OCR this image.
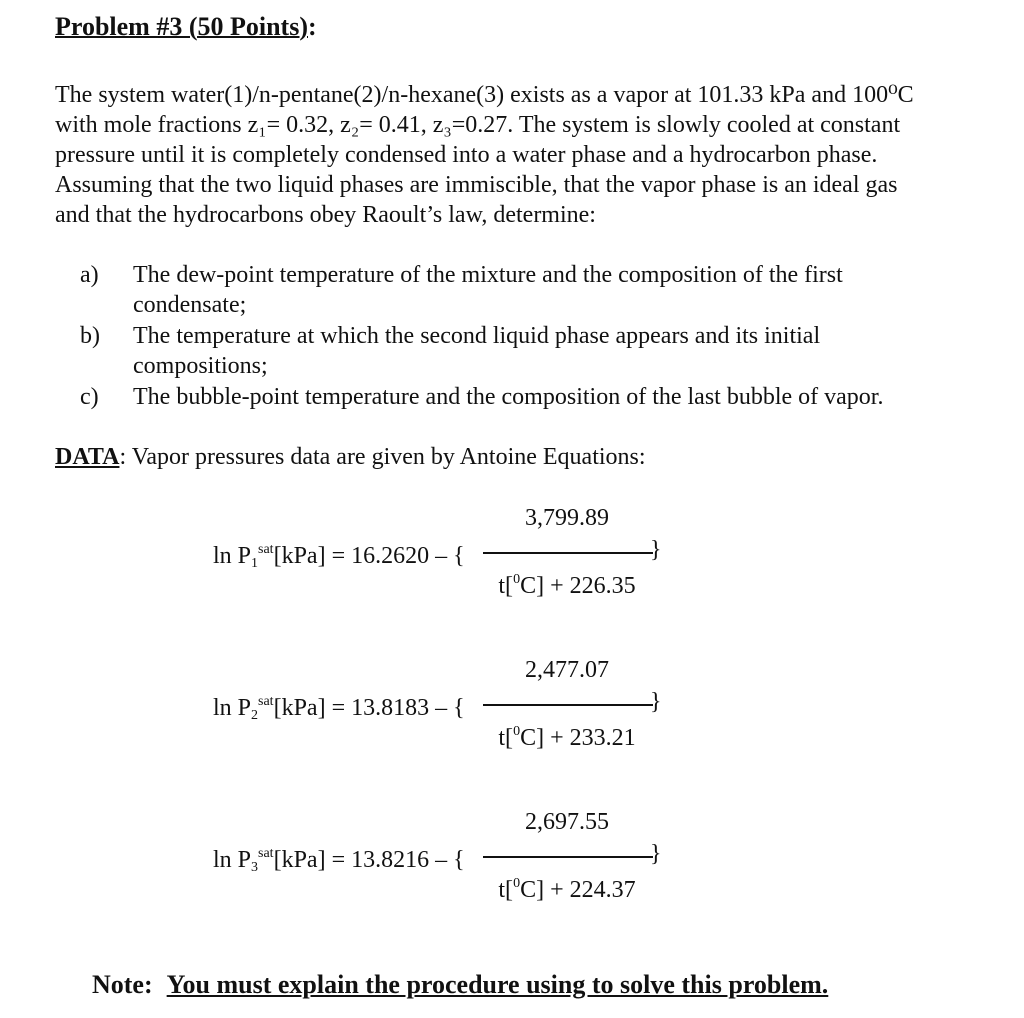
Problem #3 (50 Points):
The system water(1)/n-pentane(2)/n-hexane(3) exists as a vapor at 101.33 kPa and 100⁰C
with mole fractions z₁= 0.32, z₂= 0.41, z₃=0.27. The system is slowly cooled at constant
pressure until it is completely condensed into a water phase and a hydrocarbon phase.
Assuming that the two liquid phases are immiscible, that the vapor phase is an ideal gas
and that the hydrocarbons obey Raoult’s law, determine:
a) The dew-point temperature of the mixture and the composition of the first
condensate;
b) The temperature at which the second liquid phase appears and its initial
compositions;
c) The bubble-point temperature and the composition of the last bubble of vapor.
DATA: Vapor pressures data are given by Antoine Equations:
$\ln P_1^{sat}[kPa] = 16.2620$ – {
3,799.89
t[$^0$C] + 226.35
}
$\ln P_2^{sat}[kPa] = 13.8183$ – {
2,477.07
t[$^0$C] + 233.21
}
$\ln P_3^{sat}[kPa] = 13.8216$ – {
2,697.55
t[$^0$C] + 224.37
}
Note: You must explain the procedure using to solve this problem.
